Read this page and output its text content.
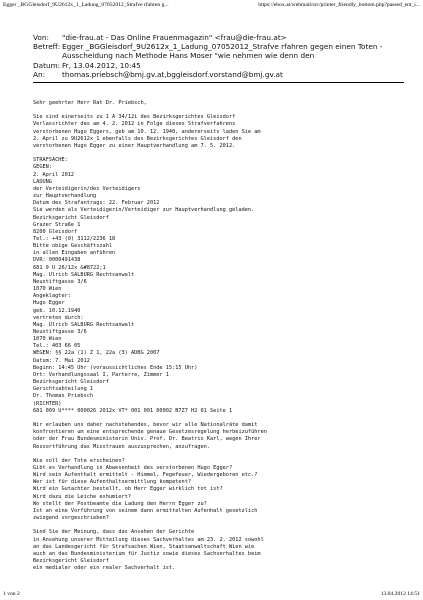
Egger _BGGleisdorf_9U2612x_1_Ladung_07052012_Strafve rfahren g...	https://ebox.at/webmail/src/printer_friendly_bottom.php?passed_ent_i...
Von:	"die-frau.at - Das Online Frauenmagazin" <frau@die-frau.at>
Betreff: Egger _BGGleisdorf_9U2612x_1_Ladung_07052012_Strafve rfahren gegen einen Toten - Ausscheidung nach Methode Hans Moser "wie nehmen wie denn den
Datum: Fr, 13.04.2012, 10:45
An:	thomas.priebsch@bmj.gv.at,bggleisdorf.vorstand@bmj.gv.at
Sehr geehrter Herr Rat Dr. Priebsch,

Sie sind einerseits zu 1 A 34/12i des Bezirksgerichtes Gleisdorf
Verlassrichter des am 4. 2. 2012 in Folge dieses Strafverfahrens
verstorbenen Hugo Eggers, geb am 10. 12. 1940, andererseits laden Sie am
2. April zu 9U2612x_1 ebenfalls des Bezirksgerichtes Gleisdorf den
verstorbenen Hugo Egger zu einer Hauptverhandlung am 7. 5. 2012.

STRAFSACHE:
GEGEN:
2. April 2012
LADUNG
der Verteidigerin/des Verteidigers
zur Hauptverhandlung
Datum des Strafantrags: 22. Februar 2012
Sie werden als Verteidigerin/Verteidiger zur Hauptverhandlung geladen.
Bezirksgericht Gleisdorf
Grazer Straße 1
8200 Gleisdorf
Tel.: +43 (0) 3112/2236 18
Bitte obige Geschäftszahl
in allen Eingaben anführen
DVR: 0000491438
681 9 U 26/12x &#8722;1
Mag. Ulrich SALBURG Rechtsanwalt
Neustiftgasse 3/6
1070 Wien
Angeklagter:
Hugo Egger
geb. 10.12.1940
vertreten durch:
Mag. Ulrich SALBURG Rechtsanwalt
Neustiftgasse 3/6
1070 Wien
Tel.: 403 66 05
WEGEN: §§ 22a (1) Z 1, 22a (3) ADBG 2007
Datum: 7. Mai 2012
Beginn: 14:45 Uhr (voraussichtliches Ende 15:15 Uhr)
Ort: Verhandlungssaal I, Parterre, Zimmer 1
Bezirksgericht Gleisdorf
Gerichtsabteilung 1
Dr. Thomas Priebsch
(RICHTER)
681 009 U**** 000026 2012x VT* 001 001 00002 B7Z7 H2 01 Seite 1

Wir erlauben uns daher nachstehendes, bevor wir alle Nationalräte damit
konfrontieren um eine entsprechende genaue Gesetzesregelung herbeizuführen
oder der Frau Bundesministerin Univ. Prof. Dr. Beatrix Karl, wegen Ihrer
Ressortführung das Misstrauen auszusprechen, anzufragen.

Wie soll der Tote erscheinen?
Gibt es Verhandlung in Abwesenheit des verstorbenen Hugo Egger?
Wird sein Aufenthalt ermittelt - Himmel, Fegefeuer, Wiedergeboren etc.?
Wer ist für diese Aufenthaltsermittlung kompetent?
Wird ein Gutachter bestellt, ob Herr Egger wirklich tot ist?
Wird dazu die Leiche exhumiert?
Wo stellt der Postbeamte die Ladung den Herrn Egger zu?
Ist an eine Vorführung von seinem dann ermittelten Aufenhalt gesetzlich
zwingend vorgeschrieben?

Sind Sie der Meinung, dass das Ansehen der Gerichte
in Ansehung unserer Mitteilung dieses Sachverhaltes am 23. 2. 2012 sowohl
an das Landesgericht für Strafsachen Wien, Staatsanwaltschaft Wien wie
auch an das Bundesministerium für Justiz sowie dieses Sachverhaltes beim
Bezirksgericht Gleisdorf
ein medialer oder ein realer Sachverhalt ist.
1 von 2	13.04.2012 14:51
